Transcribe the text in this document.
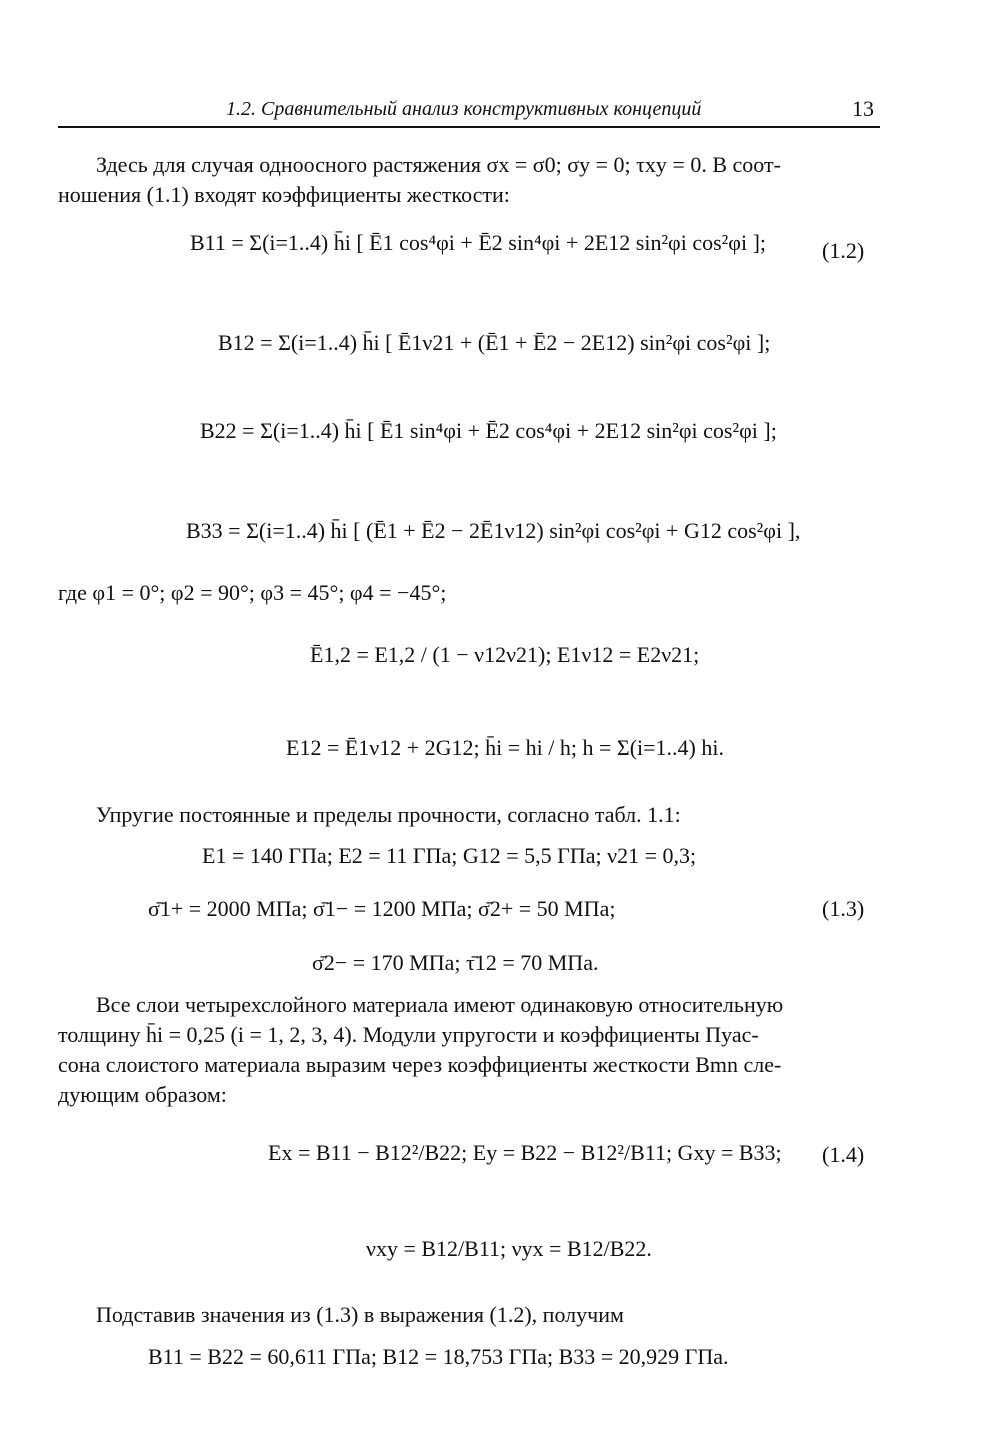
1.2. Сравнительный анализ конструктивных концепций	13

Здесь для случая одноосного растяжения σx = σ0; σy = 0; τxy = 0. В соот-

ношения (1.1) входят коэффициенты жесткости:

B11 = Σ(i=1..4) h̄i [ Ē1 cos⁴φi + Ē2 sin⁴φi + 2E12 sin²φi cos²φi ];	(1.2)
B12 = Σ(i=1..4) h̄i [ Ē1ν21 + (Ē1 + Ē2 − 2E12) sin²φi cos²φi ];
B22 = Σ(i=1..4) h̄i [ Ē1 sin⁴φi + Ē2 cos⁴φi + 2E12 sin²φi cos²φi ];
B33 = Σ(i=1..4) h̄i [ (Ē1 + Ē2 − 2Ē1ν12) sin²φi cos²φi + G12 cos²φi ],
где φ1 = 0°; φ2 = 90°; φ3 = 45°; φ4 = −45°;
Ē1,2 = E1,2 / (1 − ν12ν21); E1ν12 = E2ν21;
E12 = Ē1ν12 + 2G12; h̄i = hi / h; h = Σ(i=1..4) hi.
Упругие постоянные и пределы прочности, согласно табл. 1.1:
E1 = 140 ГПа; E2 = 11 ГПа; G12 = 5,5 ГПа; ν21 = 0,3;
σ̄1+ = 2000 МПа; σ̄1− = 1200 МПа; σ̄2+ = 50 МПа;	(1.3)
σ̄2− = 170 МПа; τ̄12 = 70 МПа.

Все слои четырехслойного материала имеют одинаковую относительную

толщину h̄i = 0,25 (i = 1, 2, 3, 4). Модули упругости и коэффициенты Пуас-

сона слоистого материала выразим через коэффициенты жесткости Bmn сле-

дующим образом:

Ex = B11 − B12²/B22; Ey = B22 − B12²/B11; Gxy = B33; (1.4)
νxy = B12/B11; νyx = B12/B22.
Подставив значения из (1.3) в выражения (1.2), получим
B11 = B22 = 60,611 ГПа; B12 = 18,753 ГПа; B33 = 20,929 ГПа.
